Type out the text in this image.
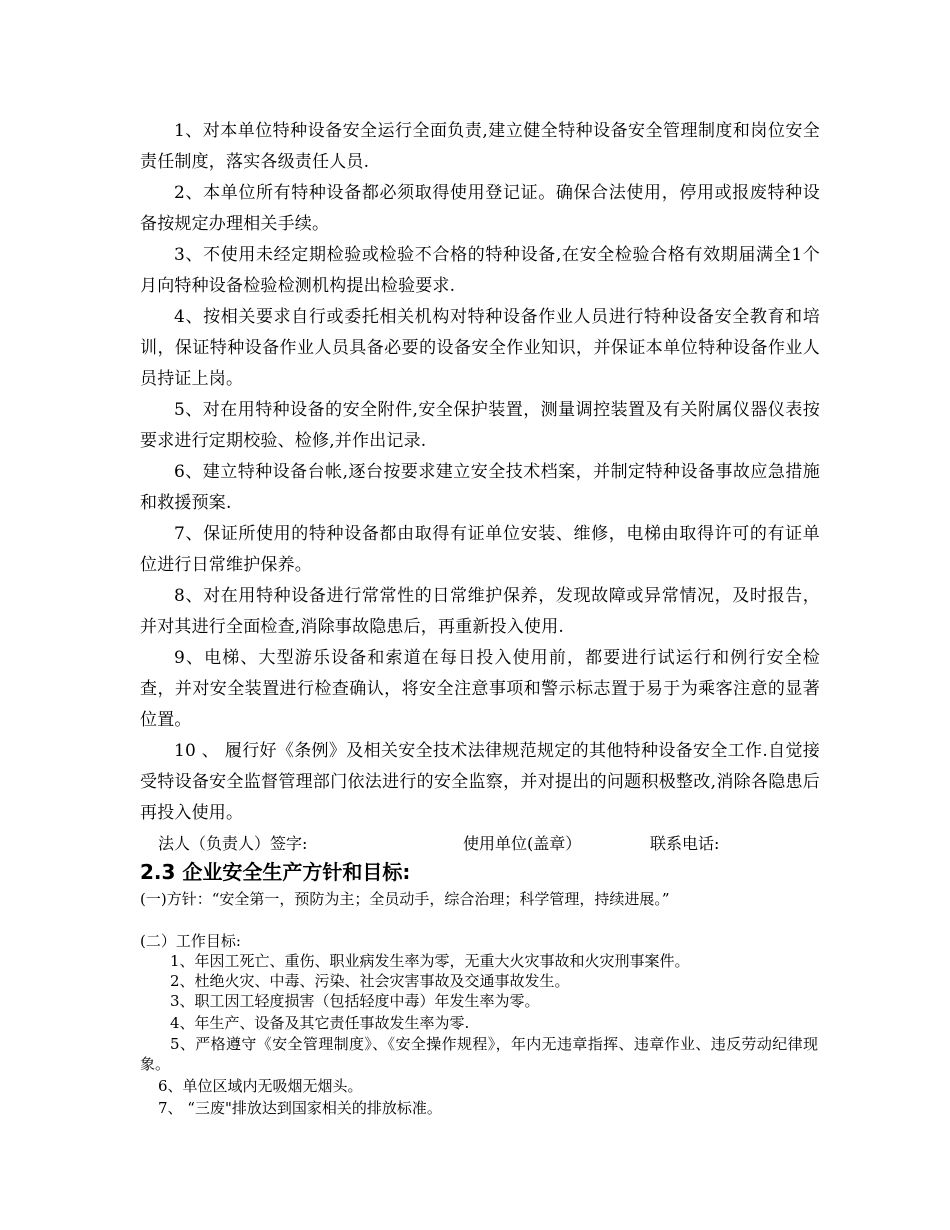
1、对本单位特种设备安全运行全面负责,建立健全特种设备安全管理制度和岗位安全责任制度，落实各级责任人员.

2、本单位所有特种设备都必须取得使用登记证。确保合法使用，停用或报废特种设备按规定办理相关手续。

3、不使用未经定期检验或检验不合格的特种设备,在安全检验合格有效期届满全1个月向特种设备检验检测机构提出检验要求.

4、按相关要求自行或委托相关机构对特种设备作业人员进行特种设备安全教育和培训，保证特种设备作业人员具备必要的设备安全作业知识，并保证本单位特种设备作业人员持证上岗。

5、对在用特种设备的安全附件,安全保护装置，测量调控装置及有关附属仪器仪表按要求进行定期校验、检修,并作出记录.

6、建立特种设备台帐,逐台按要求建立安全技术档案，并制定特种设备事故应急措施和救援预案.

7、保证所使用的特种设备都由取得有证单位安装、维修，电梯由取得许可的有证单位进行日常维护保养。

8、对在用特种设备进行常常性的日常维护保养，发现故障或异常情况，及时报告，并对其进行全面检查,消除事故隐患后，再重新投入使用.

9、电梯、大型游乐设备和索道在每日投入使用前，都要进行试运行和例行安全检查，并对安全装置进行检查确认，将安全注意事项和警示标志置于易于为乘客注意的显著位置。

10 、 履行好《条例》及相关安全技术法律规范规定的其他特种设备安全工作.自觉接受特设备安全监督管理部门依法进行的安全监察，并对提出的问题积极整改,消除各隐患后再投入使用。

法人（负责人）签字:	使用单位(盖章）	联系电话:
2.3 企业安全生产方针和目标:

(一)方针：“安全第一，预防为主；全员动手，综合治理；科学管理，持续进展。”

(二）工作目标:

1、年因工死亡、重伤、职业病发生率为零，无重大火灾事故和火灾刑事案件。

2、杜绝火灾、中毒、污染、社会灾害事故及交通事故发生。

3、职工因工轻度损害（包括轻度中毒）年发生率为零。

4、年生产、设备及其它责任事故发生率为零.

5、严格遵守《安全管理制度》、《安全操作规程》，年内无违章指挥、违章作业、违反劳动纪律现象。

6、单位区域内无吸烟无烟头。

7、 “三废"排放达到国家相关的排放标准。
